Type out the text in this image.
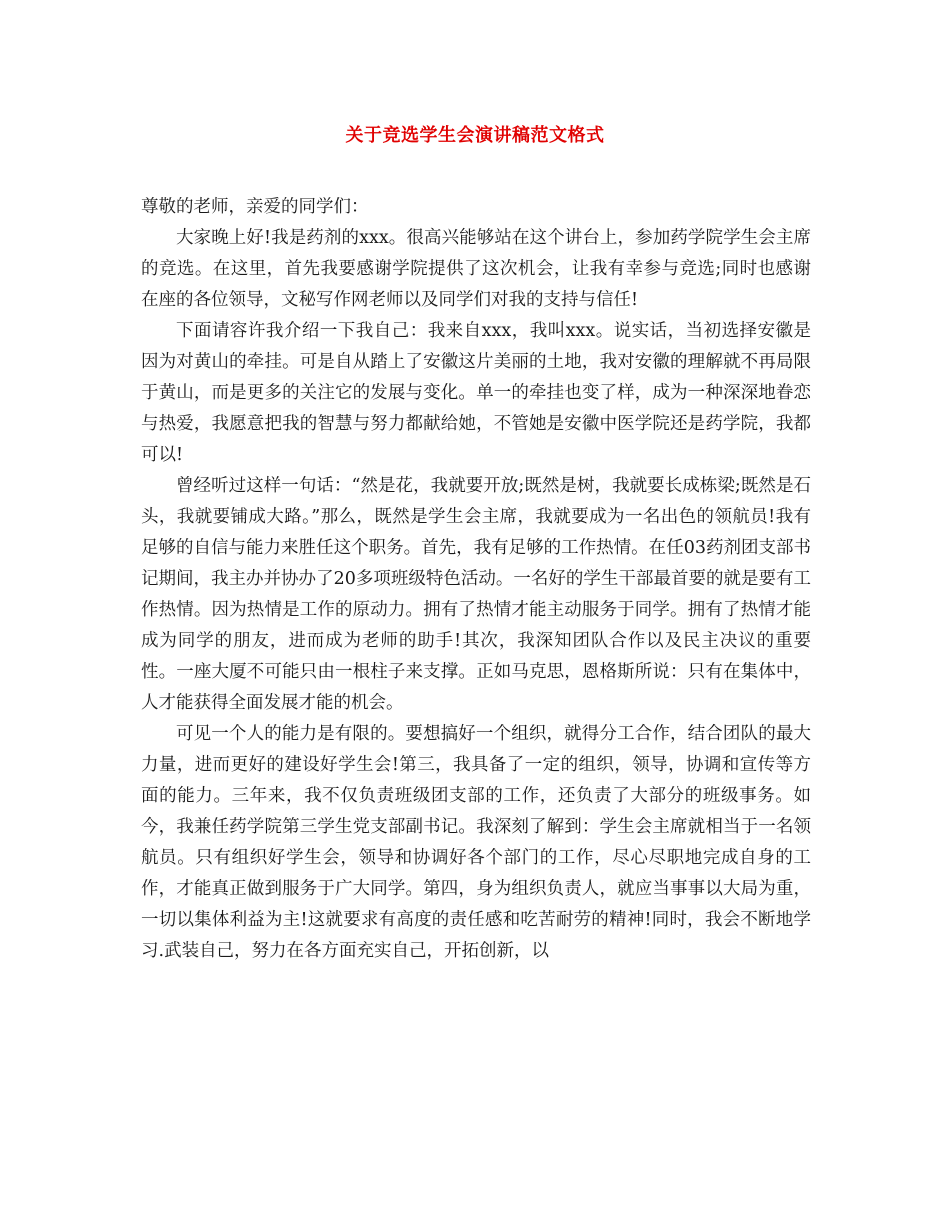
关于竞选学生会演讲稿范文格式

尊敬的老师，亲爱的同学们：

大家晚上好!我是药剂的xxx。很高兴能够站在这个讲台上，参加药学院学生会主席的竞选。在这里，首先我要感谢学院提供了这次机会，让我有幸参与竞选;同时也感谢在座的各位领导，文秘写作网老师以及同学们对我的支持与信任!

下面请容许我介绍一下我自己：我来自xxx，我叫xxx。说实话，当初选择安徽是因为对黄山的牵挂。可是自从踏上了安徽这片美丽的土地，我对安徽的理解就不再局限于黄山，而是更多的关注它的发展与变化。单一的牵挂也变了样，成为一种深深地眷恋与热爱，我愿意把我的智慧与努力都献给她，不管她是安徽中医学院还是药学院，我都可以!

曾经听过这样一句话：“然是花，我就要开放;既然是树，我就要长成栋梁;既然是石头，我就要铺成大路。”那么，既然是学生会主席，我就要成为一名出色的领航员!我有足够的自信与能力来胜任这个职务。首先，我有足够的工作热情。在任03药剂团支部书记期间，我主办并协办了20多项班级特色活动。一名好的学生干部最首要的就是要有工作热情。因为热情是工作的原动力。拥有了热情才能主动服务于同学。拥有了热情才能成为同学的朋友，进而成为老师的助手!其次，我深知团队合作以及民主决议的重要性。一座大厦不可能只由一根柱子来支撑。正如马克思，恩格斯所说：只有在集体中，人才能获得全面发展才能的机会。

可见一个人的能力是有限的。要想搞好一个组织，就得分工合作，结合团队的最大力量，进而更好的建设好学生会!第三，我具备了一定的组织，领导，协调和宣传等方面的能力。三年来，我不仅负责班级团支部的工作，还负责了大部分的班级事务。如今，我兼任药学院第三学生党支部副书记。我深刻了解到：学生会主席就相当于一名领航员。只有组织好学生会，领导和协调好各个部门的工作，尽心尽职地完成自身的工作，才能真正做到服务于广大同学。第四，身为组织负责人，就应当事事以大局为重，一切以集体利益为主!这就要求有高度的责任感和吃苦耐劳的精神!同时，我会不断地学习.武装自己，努力在各方面充实自己，开拓创新，以
